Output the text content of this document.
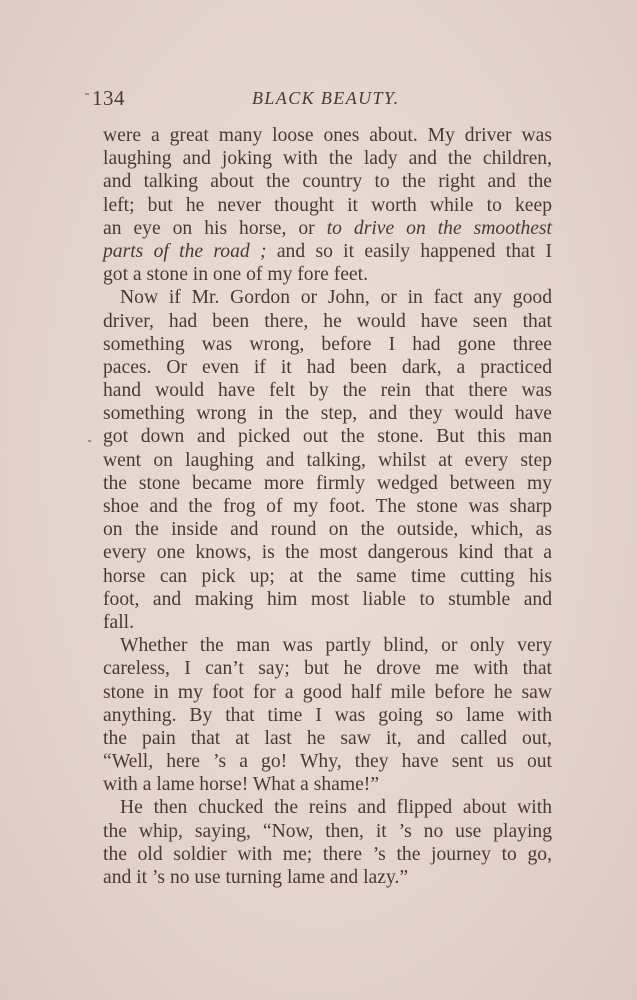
134	BLACK BEAUTY.
were a great many loose ones about. My driver was
laughing and joking with the lady and the children,
and talking about the country to the right and the
left; but he never thought it worth while to keep
an eye on his horse, or to drive on the smoothest
parts of the road ; and so it easily happened that I
got a stone in one of my fore feet.
Now if Mr. Gordon or John, or in fact any good
driver, had been there, he would have seen that
something was wrong, before I had gone three
paces. Or even if it had been dark, a practiced
hand would have felt by the rein that there was
something wrong in the step, and they would have
got down and picked out the stone. But this man
went on laughing and talking, whilst at every step
the stone became more firmly wedged between my
shoe and the frog of my foot. The stone was sharp
on the inside and round on the outside, which, as
every one knows, is the most dangerous kind that a
horse can pick up; at the same time cutting his
foot, and making him most liable to stumble and
fall.
Whether the man was partly blind, or only very
careless, I can’t say; but he drove me with that
stone in my foot for a good half mile before he saw
anything. By that time I was going so lame with
the pain that at last he saw it, and called out,
“Well, here ’s a go! Why, they have sent us out
with a lame horse! What a shame!”
He then chucked the reins and flipped about with
the whip, saying, “Now, then, it ’s no use playing
the old soldier with me; there ’s the journey to go,
and it ’s no use turning lame and lazy.”
